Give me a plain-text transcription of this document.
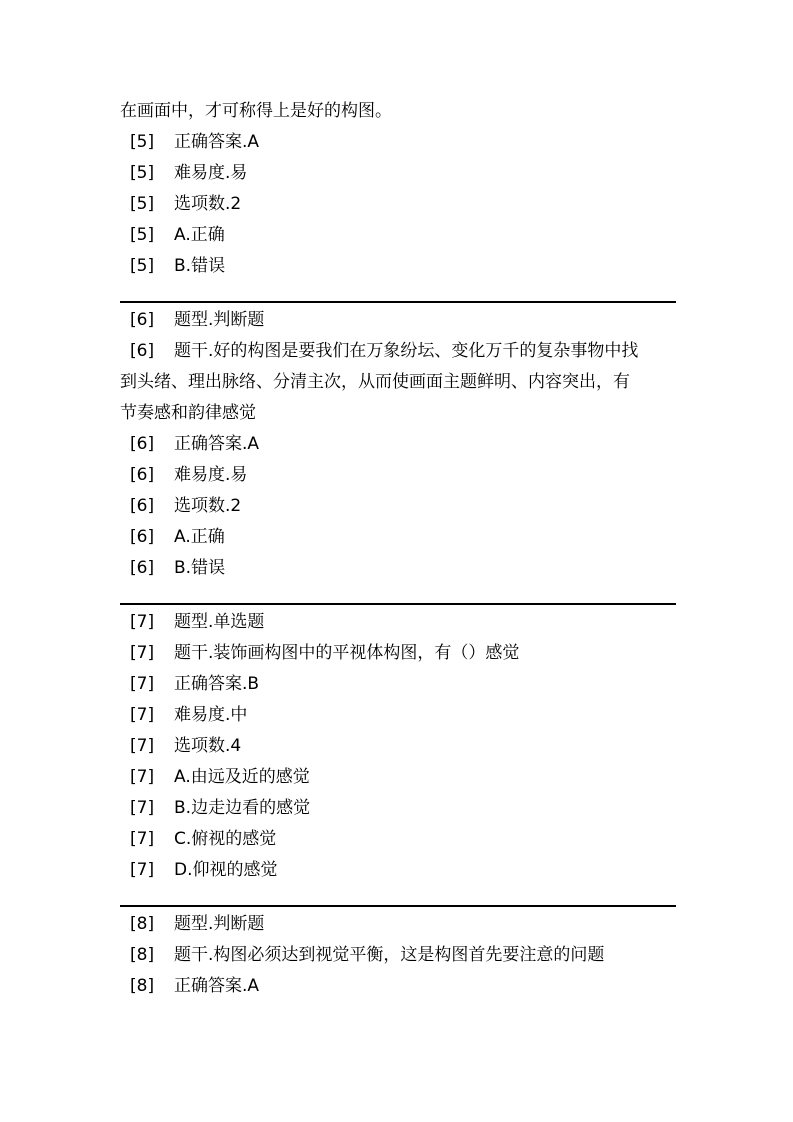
在画面中，才可称得上是好的构图。
[5] 正确答案.A
[5] 难易度.易
[5] 选项数.2
[5] A.正确
[5] B.错误
[6] 题型.判断题
[6] 题干.好的构图是要我们在万象纷坛、变化万千的复杂事物中找
到头绪、理出脉络、分清主次，从而使画面主题鲜明、内容突出，有
节奏感和韵律感觉
[6] 正确答案.A
[6] 难易度.易
[6] 选项数.2
[6] A.正确
[6] B.错误
[7] 题型.单选题
[7] 题干.装饰画构图中的平视体构图，有（）感觉
[7] 正确答案.B
[7] 难易度.中
[7] 选项数.4
[7] A.由远及近的感觉
[7] B.边走边看的感觉
[7] C.俯视的感觉
[7] D.仰视的感觉
[8] 题型.判断题
[8] 题干.构图必须达到视觉平衡，这是构图首先要注意的问题
[8] 正确答案.A
